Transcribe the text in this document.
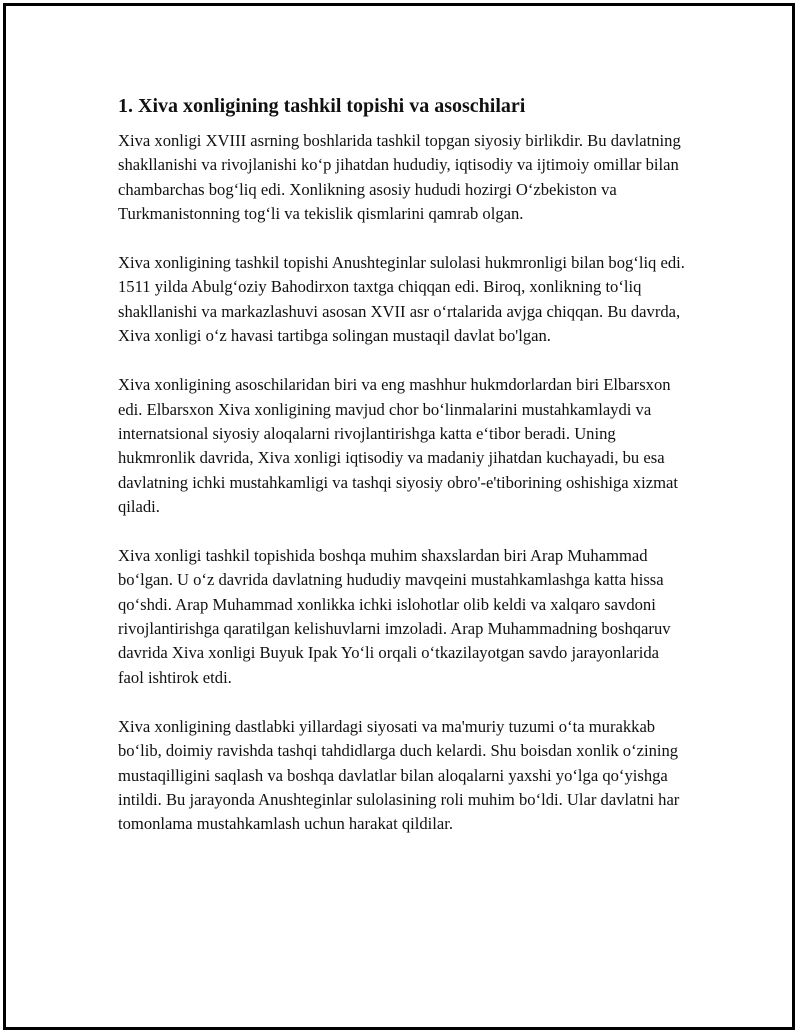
1. Xiva xonligining tashkil topishi va asoschilari

Xiva xonligi XVIII asrning boshlarida tashkil topgan siyosiy birlikdir. Bu davlatning shakllanishi va rivojlanishi koʻp jihatdan hududiy, iqtisodiy va ijtimoiy omillar bilan chambarchas bogʻliq edi. Xonlikning asosiy hududi hozirgi Oʻzbekiston va Turkmanistonning togʻli va tekislik qismlarini qamrab olgan.

Xiva xonligining tashkil topishi Anushteginlar sulolasi hukmronligi bilan bogʻliq edi. 1511 yilda Abulgʻoziy Bahodirxon taxtga chiqqan edi. Biroq, xonlikning toʻliq shakllanishi va markazlashuvi asosan XVII asr oʻrtalarida avjga chiqqan. Bu davrda, Xiva xonligi oʻz havasi tartibga solingan mustaqil davlat bo'lgan.

Xiva xonligining asoschilaridan biri va eng mashhur hukmdorlardan biri Elbarsxon edi. Elbarsxon Xiva xonligining mavjud chor boʻlinmalarini mustahkamlaydi va internatsional siyosiy aloqalarni rivojlantirishga katta eʻtibor beradi. Uning hukmronlik davrida, Xiva xonligi iqtisodiy va madaniy jihatdan kuchayadi, bu esa davlatning ichki mustahkamligi va tashqi siyosiy obro'-e'tiborining oshishiga xizmat qiladi.

Xiva xonligi tashkil topishida boshqa muhim shaxslardan biri Arap Muhammad boʻlgan. U oʻz davrida davlatning hududiy mavqeini mustahkamlashga katta hissa qoʻshdi. Arap Muhammad xonlikka ichki islohotlar olib keldi va xalqaro savdoni rivojlantirishga qaratilgan kelishuvlarni imzoladi. Arap Muhammadning boshqaruv davrida Xiva xonligi Buyuk Ipak Yoʻli orqali oʻtkazilayotgan savdo jarayonlarida faol ishtirok etdi.

Xiva xonligining dastlabki yillardagi siyosati va ma'muriy tuzumi oʻta murakkab boʻlib, doimiy ravishda tashqi tahdidlarga duch kelardi. Shu boisdan xonlik oʻzining mustaqilligini saqlash va boshqa davlatlar bilan aloqalarni yaxshi yoʻlga qoʻyishga intildi. Bu jarayonda Anushteginlar sulolasining roli muhim boʻldi. Ular davlatni har tomonlama mustahkamlash uchun harakat qildilar.
